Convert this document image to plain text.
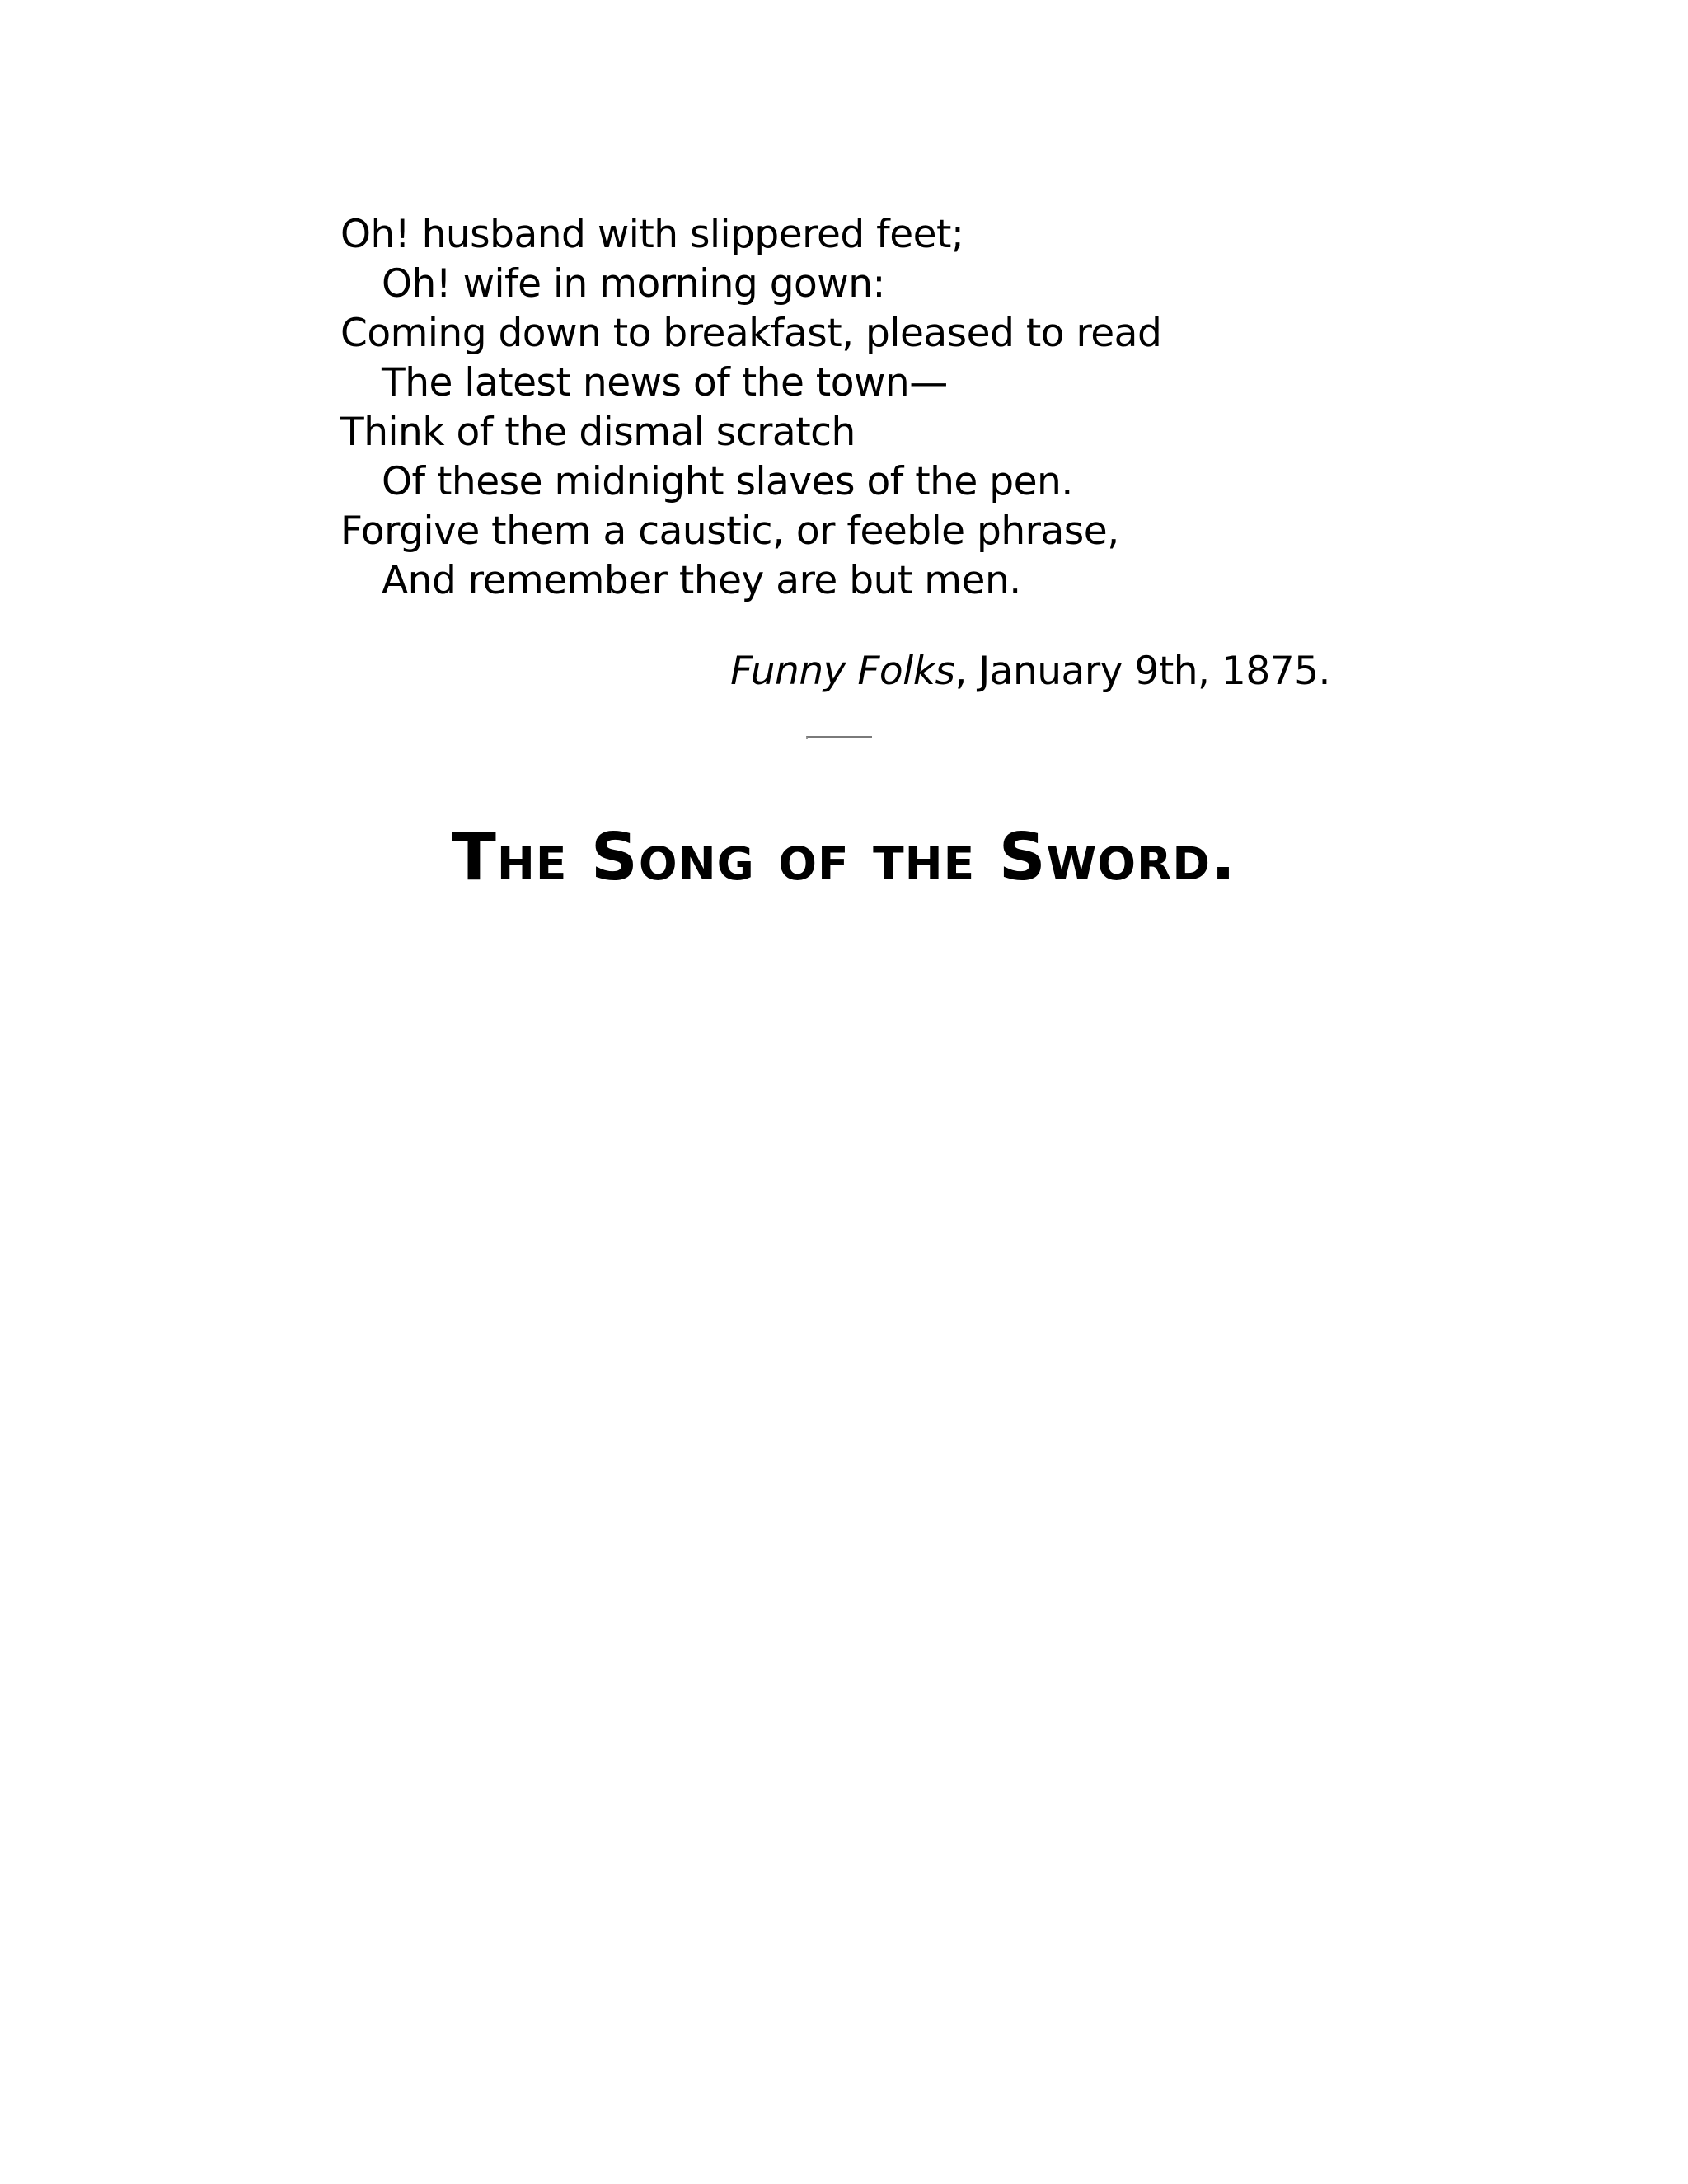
Oh! husband with slippered feet;
Oh! wife in morning gown:
Coming down to breakfast, pleased to read
The latest news of the town—
Think of the dismal scratch
Of these midnight slaves of the pen.
Forgive them a caustic, or feeble phrase,
And remember they are but men.
Funny Folks, January 9th, 1875.
The Song of the Sword.
